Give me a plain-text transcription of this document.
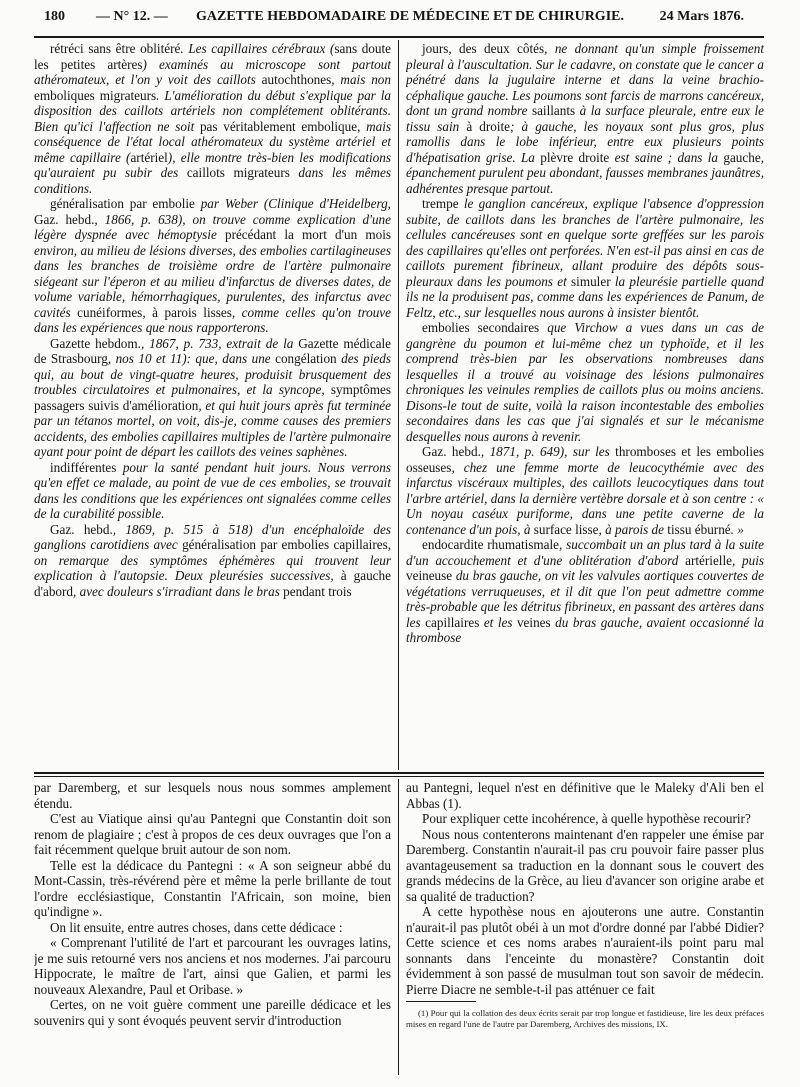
180 — N° 12. — GAZETTE HEBDOMADAIRE DE MÉDECINE ET DE CHIRURGIE.	24 Mars 1876.

rétréci sans être oblitéré. Les capillaires cérébraux (sans doute les petites artères) examinés au microscope sont partout athéromateux, et l'on y voit des caillots autochthones, mais non emboliques migrateurs. L'amélioration du début s'explique par la disposition des caillots artériels non complétement oblitérants. Bien qu'ici l'affection ne soit pas véritablement embolique, mais conséquence de l'état local athéromateux du système artériel et même capillaire (artériel), elle montre très-bien les modifications qu'auraient pu subir des caillots migrateurs dans les mêmes conditions.

généralisation par embolie par Weber (Clinique d'Heidelberg, Gaz. hebd., 1866, p. 638), on trouve comme explication d'une légère dyspnée avec hémoptysie précédant la mort d'un mois environ, au milieu de lésions diverses, des embolies cartilagineuses dans les branches de troisième ordre de l'artère pulmonaire siégeant sur l'éperon et au milieu d'infarctus de diverses dates, de volume variable, hémorrhagiques, purulentes, des infarctus avec cavités cunéiformes, à parois lisses, comme celles qu'on trouve dans les expériences que nous rapporterons.

Gazette hebdom., 1867, p. 733, extrait de la Gazette médicale de Strasbourg, nos 10 et 11): que, dans une congélation des pieds qui, au bout de vingt-quatre heures, produisit brusquement des troubles circulatoires et pulmonaires, et la syncope, symptômes passagers suivis d'amélioration, et qui huit jours après fut terminée par un tétanos mortel, on voit, dis-je, comme causes des premiers accidents, des embolies capillaires multiples de l'artère pulmonaire ayant pour point de départ les caillots des veines saphènes.

indifférentes pour la santé pendant huit jours. Nous verrons qu'en effet ce malade, au point de vue de ces embolies, se trouvait dans les conditions que les expériences ont signalées comme celles de la curabilité possible.

Gaz. hebd., 1869, p. 515 à 518) d'un encéphaloïde des ganglions carotidiens avec généralisation par embolies capillaires, on remarque des symptômes éphémères qui trouvent leur explication à l'autopsie. Deux pleurésies successives, à gauche d'abord, avec douleurs s'irradiant dans le bras pendant trois

jours, des deux côtés, ne donnant qu'un simple froissement pleural à l'auscultation. Sur le cadavre, on constate que le cancer a pénétré dans la jugulaire interne et dans la veine brachio-céphalique gauche. Les poumons sont farcis de marrons cancéreux, dont un grand nombre saillants à la surface pleurale, entre eux le tissu sain à droite; à gauche, les noyaux sont plus gros, plus ramollis dans le lobe inférieur, entre eux plusieurs points d'hépatisation grise. La plèvre droite est saine ; dans la gauche, épanchement purulent peu abondant, fausses membranes jaunâtres, adhérentes presque partout.

trempe le ganglion cancéreux, explique l'absence d'oppression subite, de caillots dans les branches de l'artère pulmonaire, les cellules cancéreuses sont en quelque sorte greffées sur les parois des capillaires qu'elles ont perforées. N'en est-il pas ainsi en cas de caillots purement fibrineux, allant produire des dépôts sous-pleuraux dans les poumons et simuler la pleurésie partielle quand ils ne la produisent pas, comme dans les expériences de Panum, de Feltz, etc., sur lesquelles nous aurons à insister bientôt.

embolies secondaires que Virchow a vues dans un cas de gangrène du poumon et lui-même chez un typhoïde, et il les comprend très-bien par les observations nombreuses dans lesquelles il a trouvé au voisinage des lésions pulmonaires chroniques les veinules remplies de caillots plus ou moins anciens. Disons-le tout de suite, voilà la raison incontestable des embolies secondaires dans les cas que j'ai signalés et sur le mécanisme desquelles nous aurons à revenir.

Gaz. hebd., 1871, p. 649), sur les thromboses et les embolies osseuses, chez une femme morte de leucocythémie avec des infarctus viscéraux multiples, des caillots leucocytiques dans tout l'arbre artériel, dans la dernière vertèbre dorsale et à son centre : « Un noyau caséux puriforme, dans une petite caverne de la contenance d'un pois, à surface lisse, à parois de tissu éburné. »

endocardite rhumatismale, succombait un an plus tard à la suite d'un accouchement et d'une oblitération d'abord artérielle, puis veineuse du bras gauche, on vit les valvules aortiques couvertes de végétations verruqueuses, et il dit que l'on peut admettre comme très-probable que les détritus fibrineux, en passant des artères dans les capillaires et les veines du bras gauche, avaient occasionné la thrombose

par Daremberg, et sur lesquels nous nous sommes amplement étendu.

C'est au Viatique ainsi qu'au Pantegni que Constantin doit son renom de plagiaire ; c'est à propos de ces deux ouvrages que l'on a fait récemment quelque bruit autour de son nom.

Telle est la dédicace du Pantegni : « A son seigneur abbé du Mont-Cassin, très-révérend père et même la perle brillante de tout l'ordre ecclésiastique, Constantin l'Africain, son moine, bien qu'indigne ».

On lit ensuite, entre autres choses, dans cette dédicace :

« Comprenant l'utilité de l'art et parcourant les ouvrages latins, je me suis retourné vers nos anciens et nos modernes. J'ai parcouru Hippocrate, le maître de l'art, ainsi que Galien, et parmi les nouveaux Alexandre, Paul et Oribase. »

Certes, on ne voit guère comment une pareille dédicace et les souvenirs qui y sont évoqués peuvent servir d'introduction

au Pantegni, lequel n'est en définitive que le Maleky d'Ali ben el Abbas (1).

Pour expliquer cette incohérence, à quelle hypothèse recourir?

Nous nous contenterons maintenant d'en rappeler une émise par Daremberg. Constantin n'aurait-il pas cru pouvoir faire passer plus avantageusement sa traduction en la donnant sous le couvert des grands médecins de la Grèce, au lieu d'avancer son origine arabe et sa qualité de traduction?

A cette hypothèse nous en ajouterons une autre. Constantin n'aurait-il pas plutôt obéi à un mot d'ordre donné par l'abbé Didier? Cette science et ces noms arabes n'auraient-ils point paru mal sonnants dans l'enceinte du monastère? Constantin doit évidemment à son passé de musulman tout son savoir de médecin. Pierre Diacre ne semble-t-il pas atténuer ce fait

(1) Pour qui la collation des deux écrits serait par trop longue et fastidieuse, lire les deux préfaces mises en regard l'une de l'autre par Daremberg, Archives des missions, IX.
